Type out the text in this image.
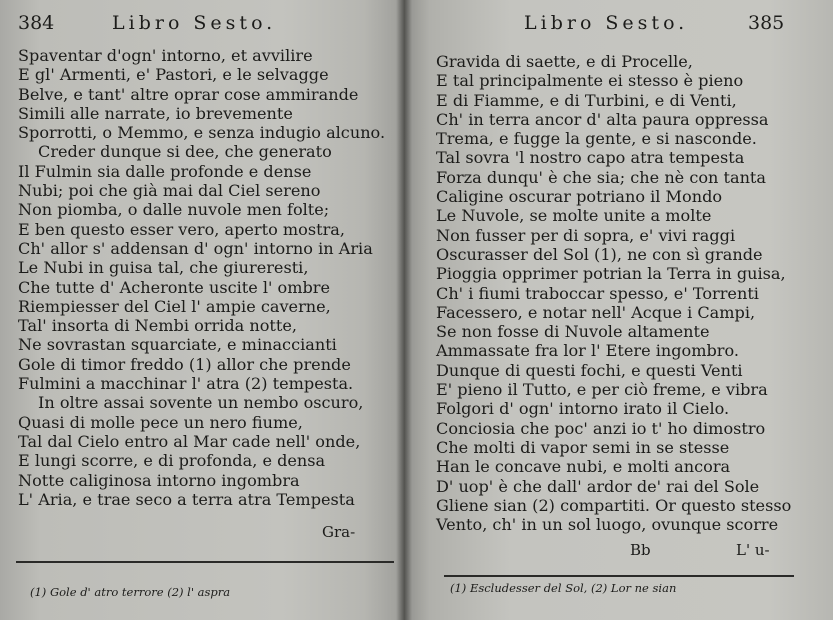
384	Libro Sesto.
Spaventar d'ogn' intorno, et avvilire
E gl' Armenti, e' Pastori, e le selvagge
Belve, e tant' altre oprar cose ammirande
Simili alle narrate, io brevemente
Sporrotti, o Memmo, e senza indugio alcuno.
Creder dunque si dee, che generato
Il Fulmin sia dalle profonde e dense
Nubi; poi che già mai dal Ciel sereno
Non piomba, o dalle nuvole men folte;
E ben questo esser vero, aperto mostra,
Ch' allor s' addensan d' ogn' intorno in Aria
Le Nubi in guisa tal, che giureresti,
Che tutte d' Acheronte uscite l' ombre
Riempiesser del Ciel l' ampie caverne,
Tal' insorta di Nembi orrida notte,
Ne sovrastan squarciate, e minaccianti
Gole di timor freddo (1) allor che prende
Fulmini a macchinar l' atra (2) tempesta.
In oltre assai sovente un nembo oscuro,
Quasi di molle pece un nero fiume,
Tal dal Cielo entro al Mar cade nell' onde,
E lungi scorre, e di profonda, e densa
Notte caliginosa intorno ingombra
L' Aria, e trae seco a terra atra Tempesta
Gra-
(1) Gole d' atro terrore (2) l' aspra
Libro Sesto.	385
Gravida di saette, e di Procelle,
E tal principalmente ei stesso è pieno
E di Fiamme, e di Turbini, e di Venti,
Ch' in terra ancor d' alta paura oppressa
Trema, e fugge la gente, e si nasconde.
Tal sovra 'l nostro capo atra tempesta
Forza dunqu' è che sia; che nè con tanta
Caligine oscurar potriano il Mondo
Le Nuvole, se molte unite a molte
Non fusser per di sopra, e' vivi raggi
Oscurasser del Sol (1), ne con sì grande
Pioggia opprimer potrian la Terra in guisa,
Ch' i fiumi traboccar spesso, e' Torrenti
Facessero, e notar nell' Acque i Campi,
Se non fosse di Nuvole altamente
Ammassate fra lor l' Etere ingombro.
Dunque di questi fochi, e questi Venti
E' pieno il Tutto, e per ciò freme, e vibra
Folgori d' ogn' intorno irato il Cielo.
Conciosia che poc' anzi io t' ho dimostro
Che molti di vapor semi in se stesse
Han le concave nubi, e molti ancora
D' uop' è che dall' ardor de' rai del Sole
Gliene sian (2) compartiti. Or questo stesso
Vento, ch' in un sol luogo, ovunque scorre
Bb	L' u-
(1) Escludesser del Sol, (2) Lor ne sian
